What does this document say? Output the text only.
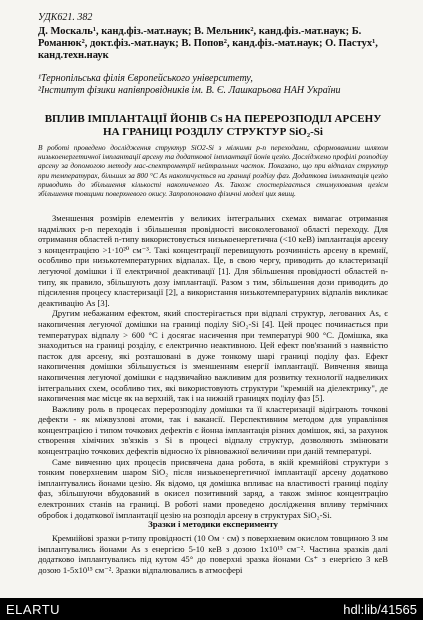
УДК621. 382
Д. Москаль¹, канд.фіз.-мат.наук; В. Мельник², канд.фіз.-мат.наук; Б. Романюк², докт.фіз.-мат.наук; В. Попов², канд.фіз.-мат.наук; О. Пастух¹, канд.техн.наук
¹Тернопільська філія Європейського університету,
²Інститут фізики напівпровідників ім. В. Є. Лашкарьова НАН України
ВПЛИВ ІМПЛАНТАЦІЇ ЙОНІВ Cs НА ПЕРЕРОЗПОДІЛ АРСЕНУ НА ГРАНИЦІ РОЗДІЛУ СТРУКТУР SiO₂-Si
В роботі проведено дослідження структур SiO2-Si з мілкими p-n переходами, сформованими шляхом низькоенергетичної імплантації арсену та додаткової імплантації йонів цезію. Досліджено профілі розподілу арсену за допомогою методу мас-спектрометрії нейтральних часток. Показано, що при відпалах структур при температурах, більших за 800 °C As накопичується на границі розділу фаз. Додаткова імплантація цезію приводить до збільшення кількості накопиченого As. Також спостерігається стимулювання цезієм збільшення товщини поверхневого окису. Запропоновано фізичні моделі цих явищ.

Зменшення розмірів елементів у великих інтегральних схемах вимагає отримання надмілких p-n переходів і збільшення провідності високолегованої області переходу. Для отримання областей n-типу використовується низькоенергетична (<10 кеВ) імплантація арсену з концентрацією >1·10²⁰ см⁻³. Такі концентрації перевищують розчинність арсену в кремнії, особливо при низькотемпературних відпалах. Це, в свою чергу, приводить до кластеризації легуючої домішки і її електричної деактивації [1]. Для збільшення провідності областей n-типу, як правило, збільшують дозу імплантації. Разом з тим, збільшення дози приводить до підсилення процесу кластеризації [2], а використання низькотемпературних відпалів викликає деактивацію As [3].

Другим небажаним ефектом, який спостерігається при відпалі структур, легованих As, є накопичення легуючої домішки на границі поділу SiO₂-Si [4]. Цей процес починається при температурах відпалу > 600 °C і досягає насичення при температурі 900 °C. Домішка, яка знаходиться на границі розділу, є електрично неактивною. Цей ефект пов'язаний з наявністю пасток для арсену, які розташовані в дуже тонкому шарі границі поділу фаз. Ефект накопичення домішки збільшується із зменшенням енергії імплантації. Вивчення явища накопичення легуючої домішки є надзвичайно важливим для розвитку технології надвеликих інтегральних схем, особливо тих, які використовують структури "кремній на діелектрику", де накопичення має місце як на верхній, так і на нижній границях поділу фаз [5].

Важливу роль в процесах перерозподілу домішки та її кластеризації відіграють точкові дефекти - як міжвузлові атоми, так і вакансії. Перспективним методом для управління концентрацією і типом точкових дефектів є йонна імплантація різних домішок, які, за рахунок створення хімічних зв'язків з Si в процесі відпалу структур, дозволяють змінювати концентрацію точкових дефектів відносно їх рівноважної величини при даній температурі.

Саме вивченню цих процесів присвячена дана робота, в якій кремнійові структури з тонким поверхневим шаром SiO₂ після низькоенергетичної імплантації арсену додатково імплантувались йонами цезію. Як відомо, ця домішка впливає на властивості границі поділу фаз, збільшуючи вбудований в окисел позитивний заряд, а також змінює концентрацію електронних станів на границі. В роботі нами проведено дослідження впливу термічних обробок і додаткової імплантації цезію на розподіл арсену в структурах SiO₂-Si.

Зразки і методики експерименту

Кремнійові зразки p-типу провідності (10 Ом · см) з поверхневим окислом товщиною 3 нм імплантувались йонами As з енергією 5-10 кеВ з дозою 1х10¹⁵ см⁻². Частина зразків далі додатково імплантувались під кутом 45° до поверхні зразка йонами Cs⁺ з енергією 3 кеВ дозою 1-5х10¹⁵ см⁻². Зразки відпалювались в атмосфері

ELARTU	hdl:lib/41565
